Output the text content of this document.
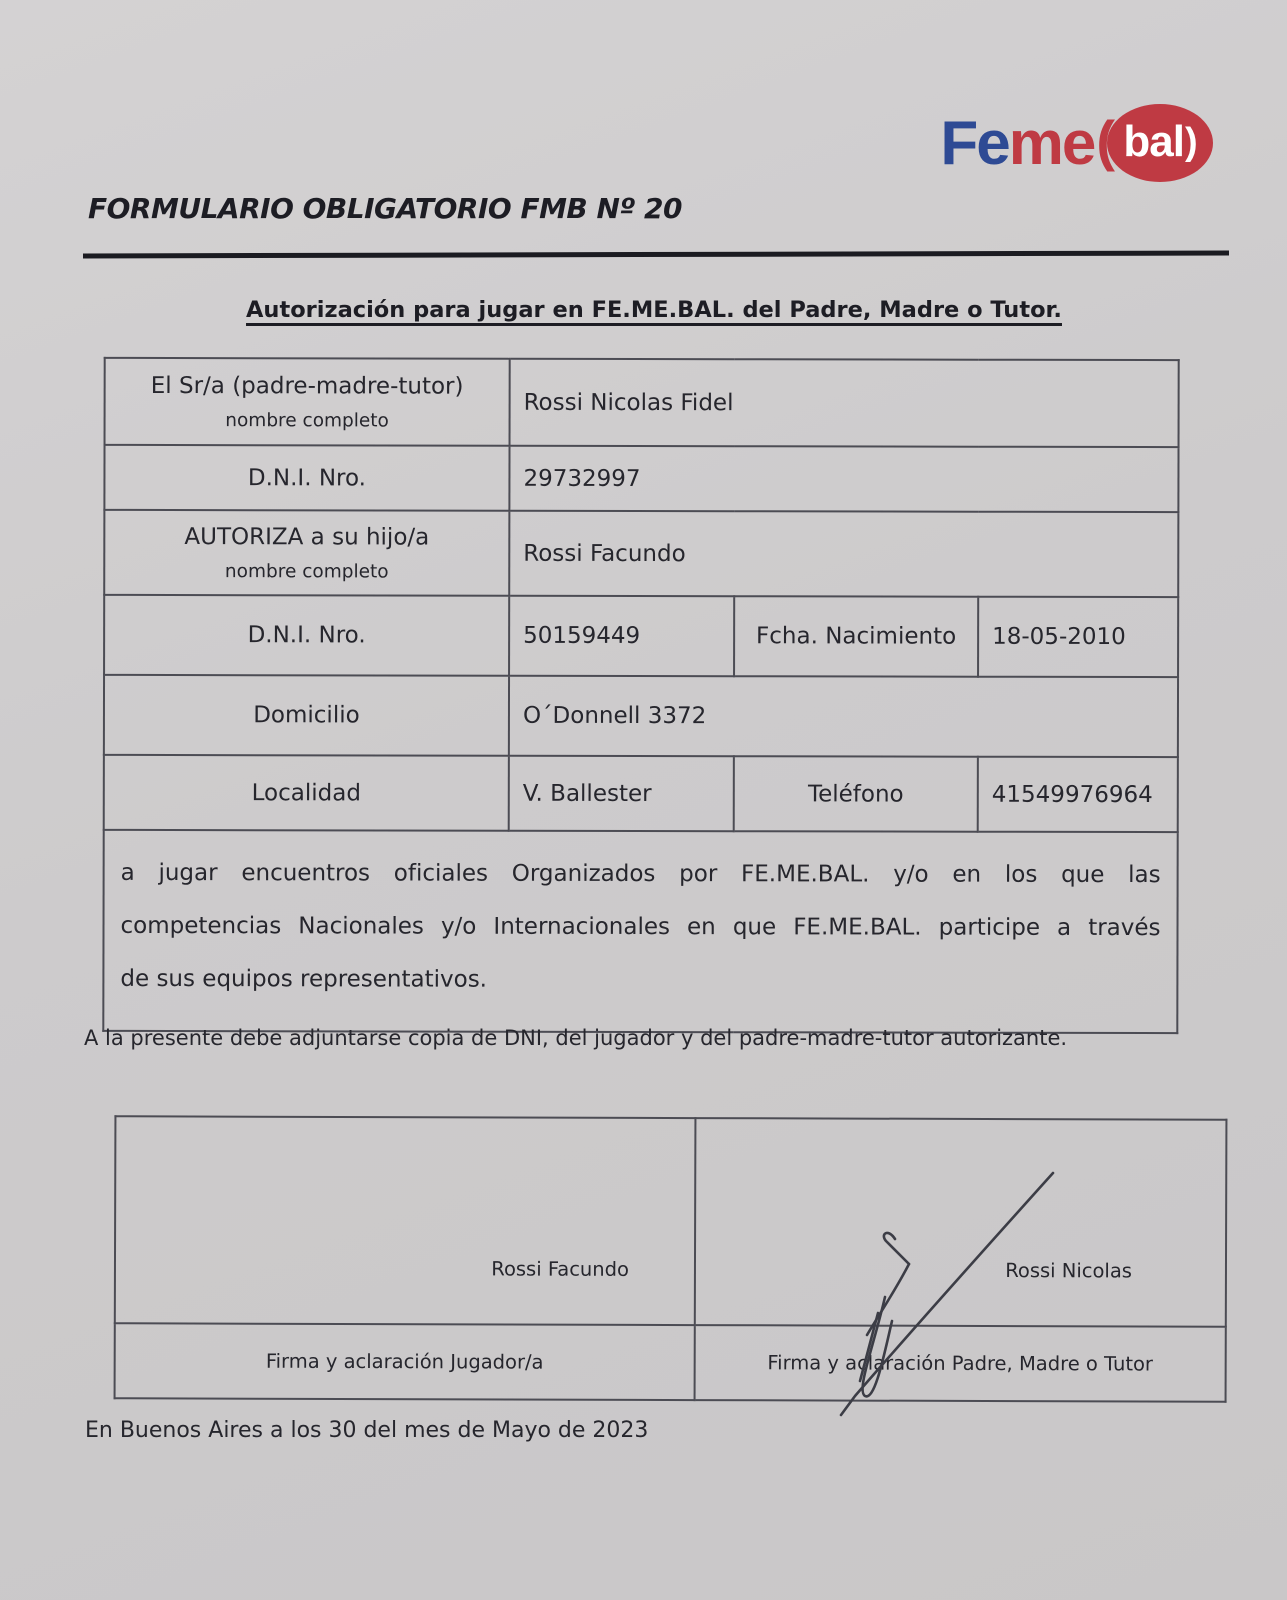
Fe me ( bal )
FORMULARIO OBLIGATORIO FMB Nº 20
Autorización para jugar en FE.ME.BAL. del Padre, Madre o Tutor.
El Sr/a (padre-madre-tutor)
nombre completo	Rossi Nicolas Fidel		
D.N.I. Nro.	29732997		

AUTORIZA a su hijo/a
nombre completo	Rossi Facundo		
D.N.I. Nro.	50159449	Fcha. Nacimiento	18-05-2010
Domicilio	O´Donnell 3372		
Localidad	V. Ballester	Teléfono	41549976964

a jugar encuentros oficiales Organizados por FE.ME.BAL. y/o en los que las
competencias Nacionales y/o Internacionales en que FE.ME.BAL. participe a través
de sus equipos representativos.			

A la presente debe adjuntarse copia de DNI, del jugador y del padre-madre-tutor autorizante.

Rossi Facundo	Rossi Nicolas
Firma y aclaración Jugador/a	Firma y aclaración Padre, Madre o Tutor

En Buenos Aires a los 30 del mes de Mayo de 2023
